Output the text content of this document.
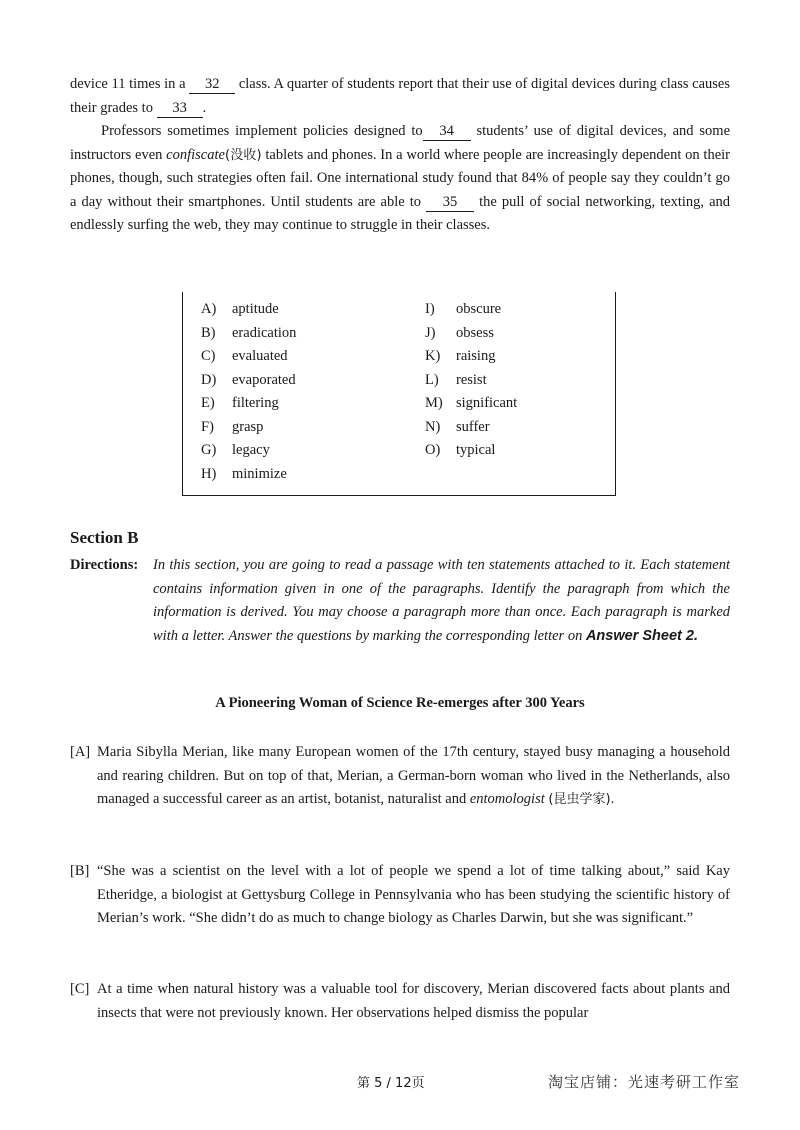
device 11 times in a 32 class. A quarter of students report that their use of digital devices during class causes their grades to 33 .

Professors sometimes implement policies designed to 34 students’ use of digital devices, and some instructors even confiscate(没收) tablets and phones. In a world where people are increasingly dependent on their phones, though, such strategies often fail. One international study found that 84% of people say they couldn’t go a day without their smartphones. Until students are able to 35 the pull of social networking, texting, and endlessly surfing the web, they may continue to struggle in their classes.

A) aptitude
B) eradication
C) evaluated
D) evaporated
E) filtering
F) grasp
G) legacy
H) minimize
I) obscure
J) obsess
K) raising
L) resist
M) significant
N) suffer
O) typical
Section B
Directions: In this section, you are going to read a passage with ten statements attached to it. Each statement contains information given in one of the paragraphs. Identify the paragraph from which the information is derived. You may choose a paragraph more than once. Each paragraph is marked with a letter. Answer the questions by marking the corresponding letter on Answer Sheet 2.
A Pioneering Woman of Science Re-emerges after 300 Years
[A] Maria Sibylla Merian, like many European women of the 17th century, stayed busy managing a household and rearing children. But on top of that, Merian, a German-born woman who lived in the Netherlands, also managed a successful career as an artist, botanist, naturalist and entomologist (昆虫学家).
[B] “She was a scientist on the level with a lot of people we spend a lot of time talking about,” said Kay Etheridge, a biologist at Gettysburg College in Pennsylvania who has been studying the scientific history of Merian’s work. “She didn’t do as much to change biology as Charles Darwin, but she was significant.”
[C] At a time when natural history was a valuable tool for discovery, Merian discovered facts about plants and insects that were not previously known. Her observations helped dismiss the popular
第 5 / 12页	淘宝店铺：光速考研工作室
